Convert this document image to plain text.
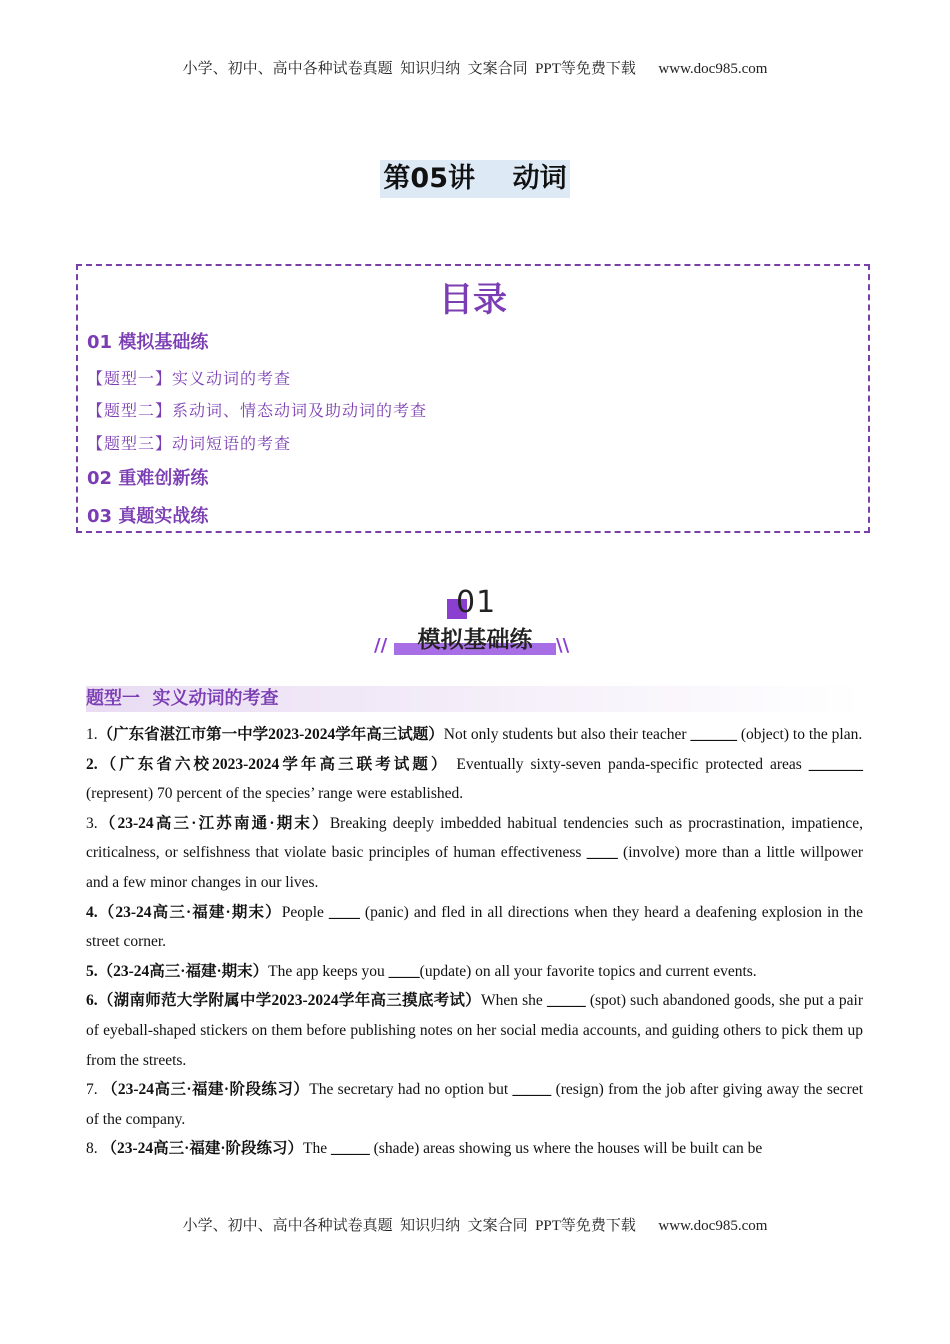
小学、初中、高中各种试卷真题  知识归纳  文案合同  PPT等免费下载      www.doc985.com
第05讲    动词
目录
01 模拟基础练
【题型一】实义动词的考查
【题型二】系动词、情态动词及助动词的考查
【题型三】动词短语的考查
02 重难创新练
03 真题实战练
01
模拟基础练
//	\\
题型一  实义动词的考查

1.（广东省湛江市第一中学2023-2024学年高三试题）Not only students but also their teacher ______ (object) to the plan.

2.（广东省六校2023-2024学年高三联考试题） Eventually sixty-seven panda-specific protected areas _______ (represent) 70 percent of the species’ range were established.

3.（23-24高三·江苏南通·期末）Breaking deeply imbedded habitual tendencies such as procrastination, impatience, criticalness, or selfishness that violate basic principles of human effectiveness ____ (involve) more than a little willpower and a few minor changes in our lives.

4.（23-24高三·福建·期末）People ____ (panic) and fled in all directions when they heard a deafening explosion in the street corner.

5.（23-24高三·福建·期末）The app keeps you ____(update) on all your favorite topics and current events.

6.（湖南师范大学附属中学2023-2024学年高三摸底考试）When she _____ (spot) such abandoned goods, she put a pair of eyeball-shaped stickers on them before publishing notes on her social media accounts, and guiding others to pick them up from the streets.

7. （23-24高三·福建·阶段练习）The secretary had no option but _____ (resign) from the job after giving away the secret of the company.

8. （23-24高三·福建·阶段练习）The _____ (shade) areas showing us where the houses will be built can be

小学、初中、高中各种试卷真题  知识归纳  文案合同  PPT等免费下载      www.doc985.com
